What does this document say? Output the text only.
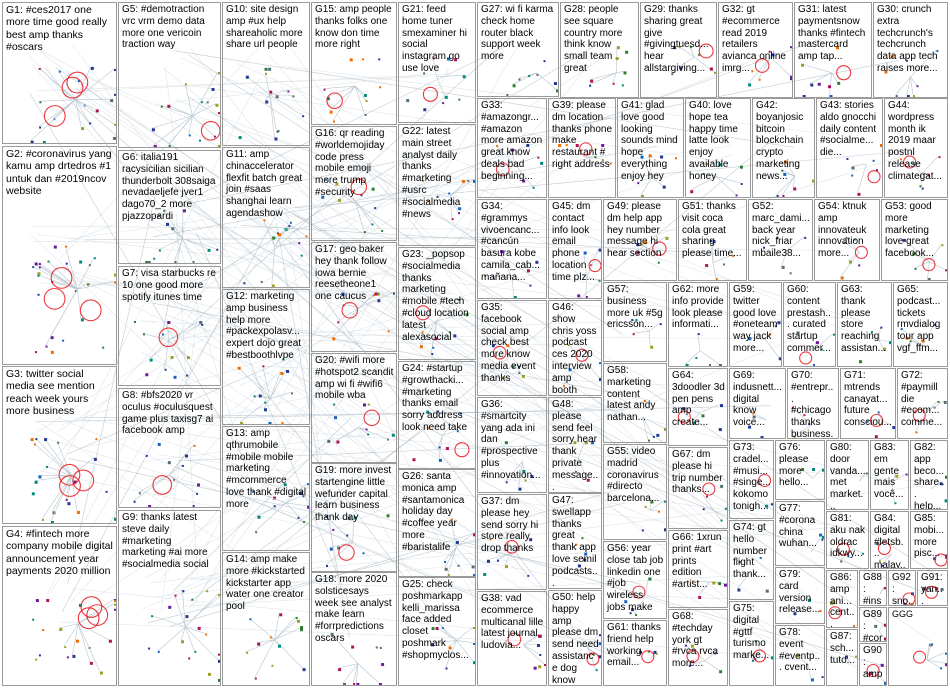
G1: #ces2017 one more time good really best amp thanks #oscars
G2: #coronavirus yang kamu amp drtedros #1 untuk dan #2019ncov website
G3: twitter social media see mention reach week yours more business
G4: #fintech more company mobile digital announcement year payments 2020 million
G5: #demotraction vrc vrm demo data more one vericoin traction way
G6: italia191 racysicilian sicilian thunderbolt 308saiga nevadaeljefe jver1 dago70_2 more pjazzopardi
G7: visa starbucks re 10 one good more spotify itunes time
G8: #bfs2020 vr oculus #oculusquest game plus taxisg7 ai facebook amp
G9: thanks latest steve daily #marketing marketing #ai more #socialmedia social
G10: site design amp #ux help shareaholic more share url people
G11: amp chinaccelerator flexfit batch great join #saas shanghai learn agendashow
G12: marketing amp business help more #packexpolasv... expert dojo great #bestboothlvpe
G13: amp qthrumobile #mobile mobile marketing #mcommerce love thank #digital more
G14: amp make more #kickstarted kickstarter app water one creator pool
G15: amp people thanks folks one know don time more right
G16: qr reading #worldemojiday code press mobile emoji more trump #security
G17: geo baker hey thank follow iowa bernie reesetheone1 one caucus
G18: more 2020 solsticesays week see analyst make learn #forrpredictions oscars
G19: more invest startengine little wefunder capital learn business thank day
G20: #wifi more #hotspot2 scandit amp wi fi #wifi6 mobile wba
G21: feed home tuner smexaminer hi social instagram go use love
G22: latest main street analyst daily thanks #marketing #usrc #socialmedia #news
G23: _popsop #socialmedia thanks marketing #mobile #tech #cloud location latest alexasocial
G24: #startup #growthacki... #marketing thanks email sorry address look need take
G25: check poshmarkapp kelli_marissa face added closet poshmark #shopmyclos...
G26: santa monica amp #santamonica holiday day #coffee year more #baristalife
G27: wi fi karma check home router black support week more
G28: people see square country more think know small team great
G29: thanks sharing great give #givingtuesd... hear allstargiving...
G30: crunch extra techcrunch's techcrunch data app tech raises more...
G31: latest paymentsnow thanks #fintech mastercard amp tap...
G32: gt #ecommerce read 2019 retailers avianca online imrg...
G33: #amazongr... #amazon more amazon great know deals bad beginning...
G34: #grammys vivoencanc... #cancún basura kobe camila_cab... mañana...
G35: facebook social amp check best more know media event thanks
G36: #smartcity yang ada ini dan #prospective plus #innovation...
G37: dm please hey send sorry hi store really drop thanks
G38: vad ecommerce multicanal lille latest journal ludovia...
G39: please dm location thanks phone make restaurant # right address
G40: love hope tea happy time latte look enjoy available honey
G41: glad love good looking sounds mind hope everything enjoy hey
G42: boyanjosic bitcoin blockchain crypto marketing news...
G43: stories aldo gnocchi daily content #socialme... die...
G44: wordpress month ik 2019 maar postnl release climategat...
G45: dm contact info look email phone location time plz...
G46: show chris yoss podcast ces 2020 interview amp booth
G47: swellapp thanks great thank app love semil podcasts...
G48: please send feel sorry hear thank private message...
G49: please dm help app hey number message hi hear section
G50: help happy amp please dm send need assistance dog know
G51: thanks visit coca cola great sharing please time...
G52: marc_dami... back year nick_friar mbaile38...
G53: good more marketing love great facebook...
G54: ktnuk amp innovateuk innovation more...
G55: video madrid coronavirus #directo barcelona...
G56: year close tab job linkedin one #job wireless jobs make
G57: business more uk #5g ericsson...
G58: marketing content latest andy nathan...
G59: twitter good love #oneteam way jack more...
G60: content prestash... curated startup commer...
G61: thanks friend help working email...
G62: more info provide look please informati...
G63: thank please store reaching assistan...
G64: 3doodler 3d pen pens amp create...
G65: podcast... tickets rmvdialog tour app vgf_ffm...
G66: 1xrun print #art prints edition #artist...
G67: dm please hi trip number thanks...
G68: #techday york gt #rvca rvca more...
G69: indusnett... digital know voice...
G70: #entrepr... #chicago thanks business.
G71: mtrends canayat... future consciou...
G72: #paymill die #ecom... comme...
G73: cradel... #musi... #singe... kokomo tonigh...
G74: gt hello number flight thank...
G75: digital #gttf turismo marke...
G76: please more hello...
G77: #corona china wuhan...
G78: event #eventp... cvent...
G79: card version release...
G80: door vanda... met market...
G81: aku nak oldrac idkwy...
G82: app beco... share... help...
G83: em gente mais você...
G84: digital #letsb... malay..
G85: mobi... more pisc...
G86: amp ani... cent...
G87: sch... tuto...
G88: #ins
G89: #cor
G90: amp...
G91: yan...
G92: sno.
GGG
